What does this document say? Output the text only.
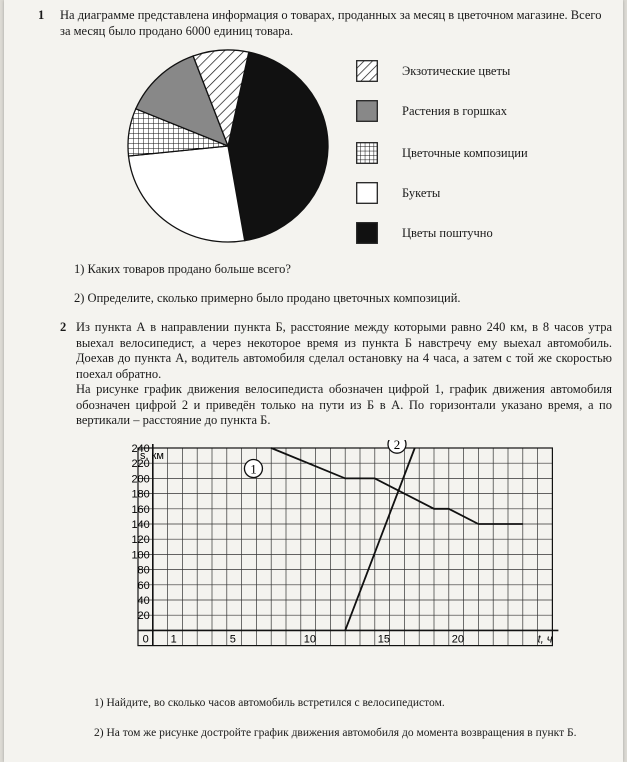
1 На диаграмме представлена информация о товарах, проданных за месяц в цветочном магазине. Всего за месяц было продано 6000 единиц товара.
Экзотические цветы
Растения в горшках
Цветочные композиции
Букеты
Цветы поштучно
1) Каких товаров продано больше всего?
2) Определите, сколько примерно было продано цветочных композиций.
2 Из пункта А в направлении пункта Б, расстояние между которыми равно 240 км, в 8 часов утра выехал велосипедист, а через некоторое время из пункта Б навстречу ему выехал автомобиль. Доехав до пункта А, водитель автомобиля сделал остановку на 4 часа, а затем с той же скоростью поехал обратно.
На рисунке график движения велосипедиста обозначен цифрой 1, график движения автомобиля обозначен цифрой 2 и приведён только на пути из Б в А. По горизонтали указано время, а по вертикали – расстояние до пункта Б.
20
40
60
80
100
120
140
160
180
200
220
240
0 1	5	10	15	20
s, км
t, ч
1
2
1) Найдите, во сколько часов автомобиль встретился с велосипедистом.
2) На том же рисунке достройте график движения автомобиля до момента возвращения в пункт Б.
